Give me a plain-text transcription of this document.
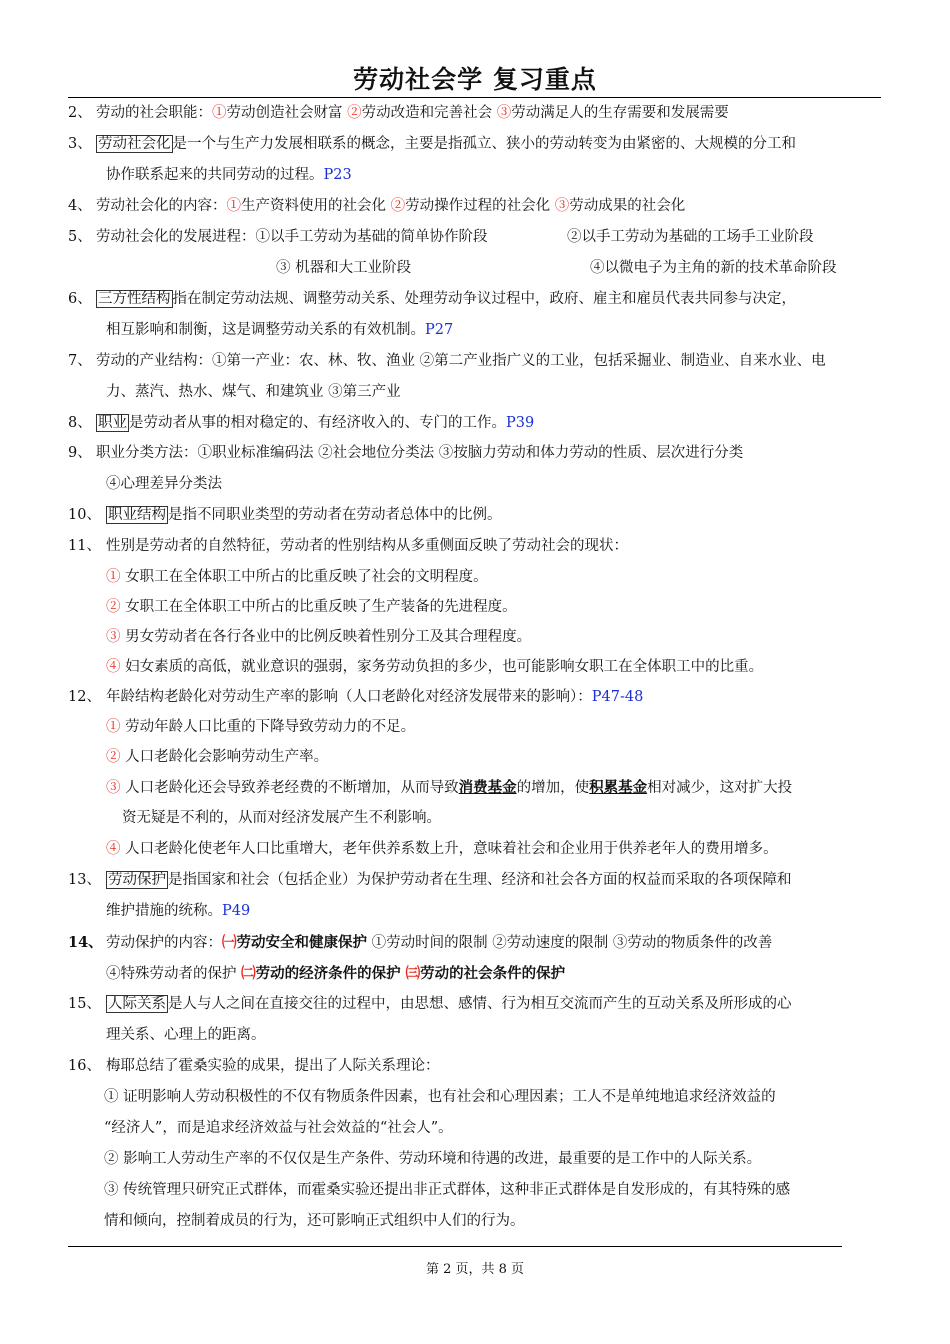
劳动社会学 复习重点
2、 劳动的社会职能：①劳动创造社会财富 ②劳动改造和完善社会 ③劳动满足人的生存需要和发展需要
3、 劳动社会化 是一个与生产力发展相联系的概念，主要是指孤立、狭小的劳动转变为由紧密的、大规模的分工和
协作联系起来的共同劳动的过程。P23
4、 劳动社会化的内容：①生产资料使用的社会化 ②劳动操作过程的社会化 ③劳动成果的社会化
5、 劳动社会化的发展进程：①以手工劳动为基础的简单协作阶段	②以手工劳动为基础的工场手工业阶段
③ 机器和大工业阶段	④以微电子为主角的新的技术革命阶段
6、 三方性结构 指在制定劳动法规、调整劳动关系、处理劳动争议过程中，政府、雇主和雇员代表共同参与决定，
相互影响和制衡，这是调整劳动关系的有效机制。P27
7、 劳动的产业结构：①第一产业：农、林、牧、渔业 ②第二产业指广义的工业，包括采掘业、制造业、自来水业、电
力、蒸汽、热水、煤气、和建筑业 ③第三产业
8、 职业 是劳动者从事的相对稳定的、有经济收入的、专门的工作。P39
9、 职业分类方法：①职业标准编码法 ②社会地位分类法 ③按脑力劳动和体力劳动的性质、层次进行分类
④心理差异分类法
10、 职业结构 是指不同职业类型的劳动者在劳动者总体中的比例。
11、 性别是劳动者的自然特征，劳动者的性别结构从多重侧面反映了劳动社会的现状：
① 女职工在全体职工中所占的比重反映了社会的文明程度。
② 女职工在全体职工中所占的比重反映了生产装备的先进程度。
③ 男女劳动者在各行各业中的比例反映着性别分工及其合理程度。
④ 妇女素质的高低，就业意识的强弱，家务劳动负担的多少，也可能影响女职工在全体职工中的比重。
12、 年龄结构老龄化对劳动生产率的影响（人口老龄化对经济发展带来的影响）：P47-48
① 劳动年龄人口比重的下降导致劳动力的不足。
② 人口老龄化会影响劳动生产率。
③ 人口老龄化还会导致养老经费的不断增加，从而导致消费基金的增加，使积累基金相对减少，这对扩大投
资无疑是不利的，从而对经济发展产生不利影响。
④ 人口老龄化使老年人口比重增大，老年供养系数上升，意味着社会和企业用于供养老年人的费用增多。
13、 劳动保护 是指国家和社会（包括企业）为保护劳动者在生理、经济和社会各方面的权益而采取的各项保障和
维护措施的统称。P49
14、 劳动保护的内容：㈠劳动安全和健康保护 ①劳动时间的限制 ②劳动速度的限制 ③劳动的物质条件的改善
④特殊劳动者的保护 ㈡劳动的经济条件的保护 ㈢劳动的社会条件的保护
15、 人际关系 是人与人之间在直接交往的过程中，由思想、感情、行为相互交流而产生的互动关系及所形成的心
理关系、心理上的距离。
16、 梅耶总结了霍桑实验的成果，提出了人际关系理论：
① 证明影响人劳动积极性的不仅有物质条件因素，也有社会和心理因素；工人不是单纯地追求经济效益的
“经济人”，而是追求经济效益与社会效益的“社会人”。
② 影响工人劳动生产率的不仅仅是生产条件、劳动环境和待遇的改进，最重要的是工作中的人际关系。
③ 传统管理只研究正式群体，而霍桑实验还提出非正式群体，这种非正式群体是自发形成的，有其特殊的感
情和倾向，控制着成员的行为，还可影响正式组织中人们的行为。
第 2 页，共 8 页
